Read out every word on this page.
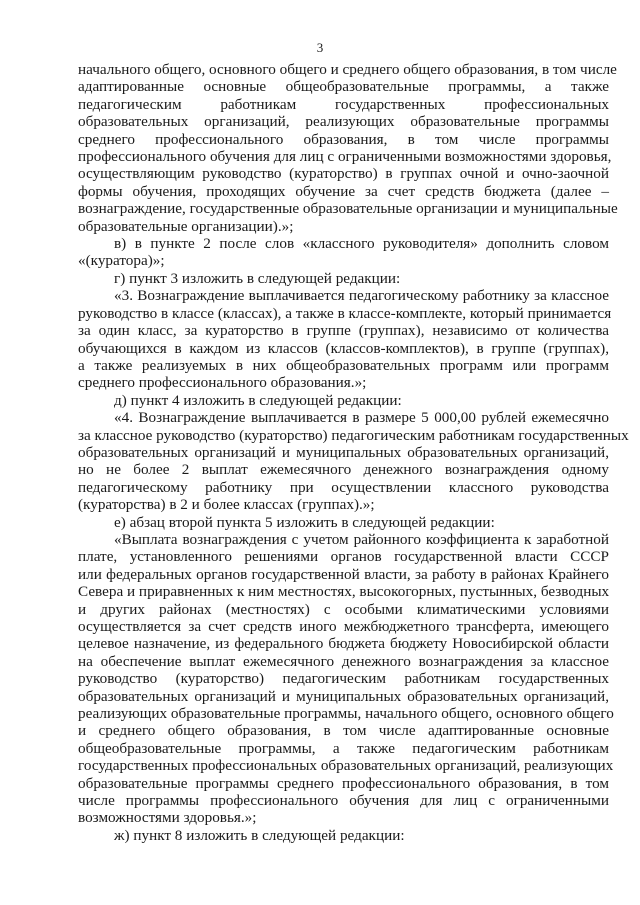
3
начального общего, основного общего и среднего общего образования, в том числе
адаптированные основные общеобразовательные программы, а также
педагогическим работникам государственных профессиональных
образовательных организаций, реализующих образовательные программы
среднего профессионального образования, в том числе программы
профессионального обучения для лиц с ограниченными возможностями здоровья,
осуществляющим руководство (кураторство) в группах очной и очно-заочной
формы обучения, проходящих обучение за счет средств бюджета (далее –
вознаграждение, государственные образовательные организации и муниципальные
образовательные организации).»;
в) в пункте 2 после слов «классного руководителя» дополнить словом
«(куратора)»;
г) пункт 3 изложить в следующей редакции:
«3. Вознаграждение выплачивается педагогическому работнику за классное
руководство в классе (классах), а также в классе-комплекте, который принимается
за один класс, за кураторство в группе (группах), независимо от количества
обучающихся в каждом из классов (классов-комплектов), в группе (группах),
а также реализуемых в них общеобразовательных программ или программ
среднего профессионального образования.»;
д) пункт 4 изложить в следующей редакции:
«4. Вознаграждение выплачивается в размере 5 000,00 рублей ежемесячно
за классное руководство (кураторство) педагогическим работникам государственных
образовательных организаций и муниципальных образовательных организаций,
но не более 2 выплат ежемесячного денежного вознаграждения одному
педагогическому работнику при осуществлении классного руководства
(кураторства) в 2 и более классах (группах).»;
е) абзац второй пункта 5 изложить в следующей редакции:
«Выплата вознаграждения с учетом районного коэффициента к заработной
плате, установленного решениями органов государственной власти СССР
или федеральных органов государственной власти, за работу в районах Крайнего
Севера и приравненных к ним местностях, высокогорных, пустынных, безводных
и других районах (местностях) с особыми климатическими условиями
осуществляется за счет средств иного межбюджетного трансферта, имеющего
целевое назначение, из федерального бюджета бюджету Новосибирской области
на обеспечение выплат ежемесячного денежного вознаграждения за классное
руководство (кураторство) педагогическим работникам государственных
образовательных организаций и муниципальных образовательных организаций,
реализующих образовательные программы, начального общего, основного общего
и среднего общего образования, в том числе адаптированные основные
общеобразовательные программы, а также педагогическим работникам
государственных профессиональных образовательных организаций, реализующих
образовательные программы среднего профессионального образования, в том
числе программы профессионального обучения для лиц с ограниченными
возможностями здоровья.»;
ж) пункт 8 изложить в следующей редакции:
